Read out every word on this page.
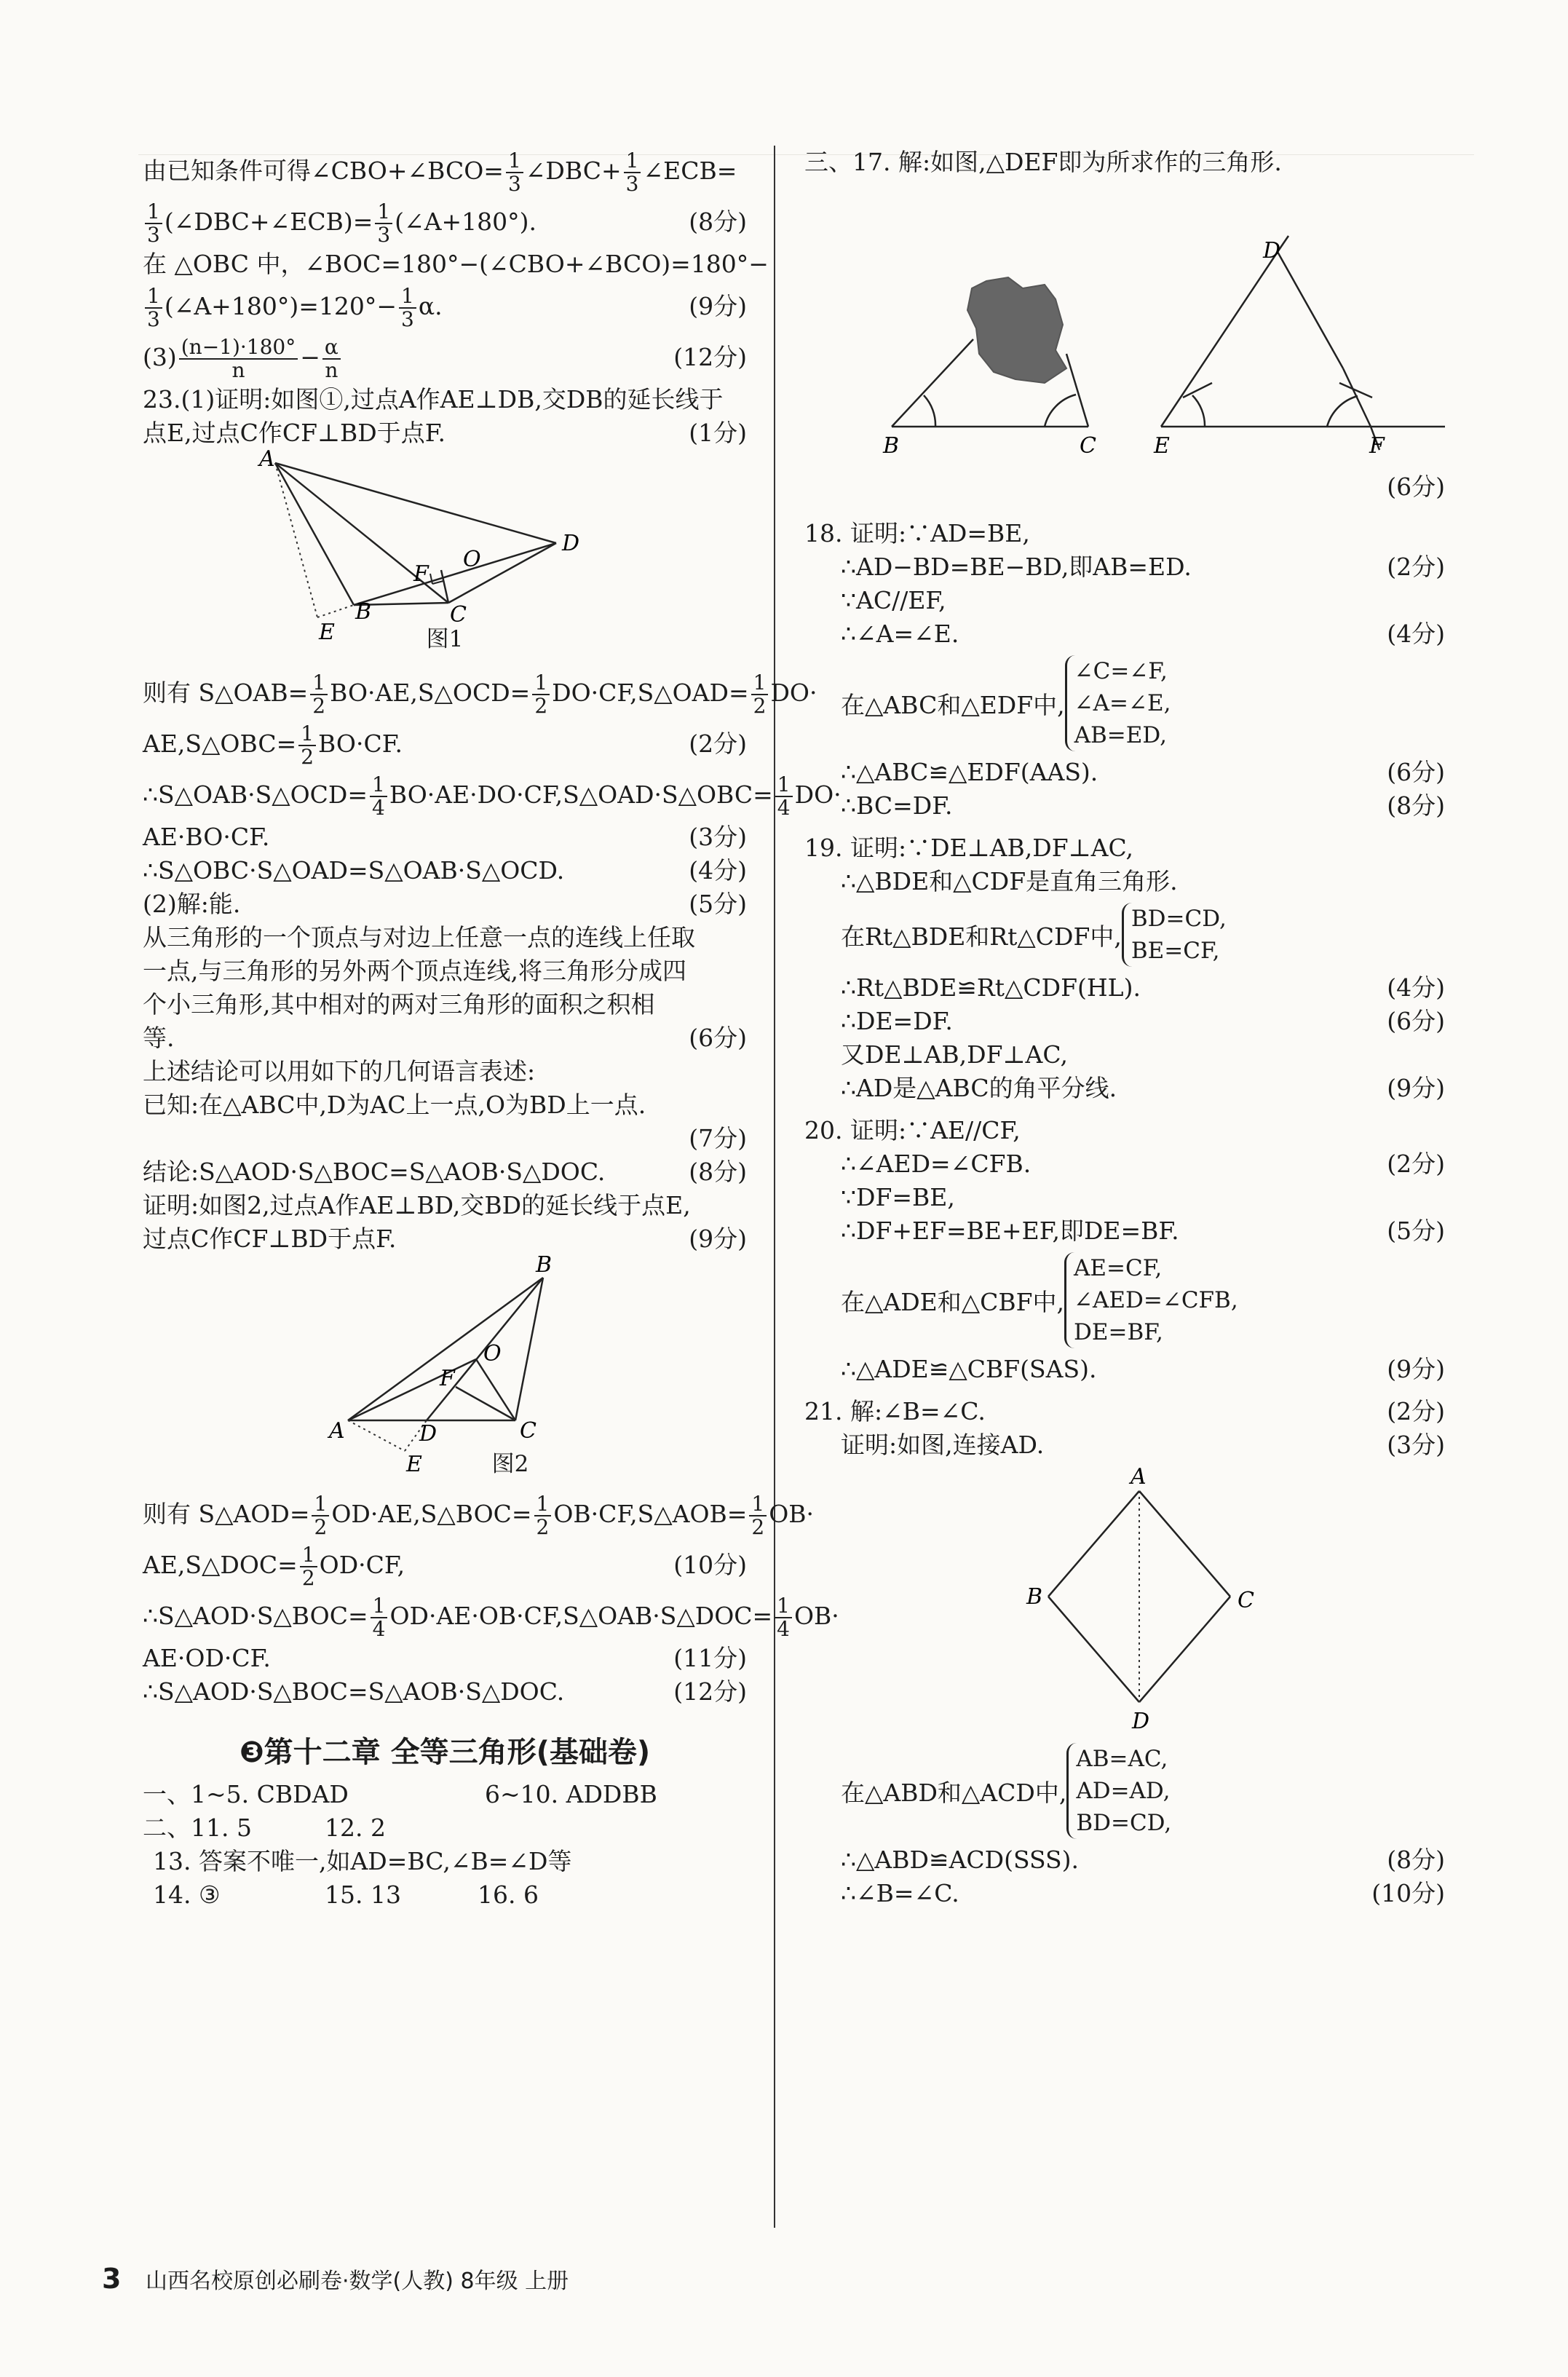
由已知条件可得∠CBO+∠BCO= $\frac{1}{3}$ ∠DBC+ $\frac{1}{3}$ ∠ECB=
$\frac{1}{3}$ (∠DBC+∠ECB)= $\frac{1}{3}$ (∠A+180°).	(8分)
在 △OBC 中，∠BOC=180°−(∠CBO+∠BCO)=180°−
$\frac{1}{3}$ (∠A+180°)=120°− $\frac{1}{3} \alpha$.	(9分)
$(3) \frac{(n-1)\cdot 180^\circ}{n} - \frac{\alpha}{n}$	(12分)
23.(1)证明:如图①,过点A作AE⊥DB,交DB的延长线于
点E,过点C作CF⊥BD于点F.	(1分)
A
O
D
F
B	C
E	图1
则有 S△OAB= $\frac{1}{2}$ BO·AE,S△OCD= $\frac{1}{2}$ DO·CF,S△OAD= $\frac{1}{2} DO\cdot$
AE,S△OBC= $\frac{1}{2} BO\cdot CF$.	(2分)
∴S△OAB·S△OCD= $\frac{1}{4}$ BO·AE·DO·CF,S△OAD·S△OBC= $\frac{1}{4} DO\cdot$
AE·BO·CF.	(3分)
∴S△OBC·S△OAD=S△OAB·S△OCD.	(4分)
(2)解:能.	(5分)
从三角形的一个顶点与对边上任意一点的连线上任取
一点,与三角形的另外两个顶点连线,将三角形分成四
个小三角形,其中相对的两对三角形的面积之积相
等.	(6分)
上述结论可以用如下的几何语言表述:
已知:在△ABC中,D为AC上一点,O为BD上一点.
(7分)
结论:S△AOD·S△BOC=S△AOB·S△DOC.	(8分)
证明:如图2,过点A作AE⊥BD,交BD的延长线于点E,
过点C作CF⊥BD于点F.	(9分)
B
O
F
A	D	C
E	图2
则有 S△AOD= $\frac{1}{2}$ OD·AE,S△BOC= $\frac{1}{2}$ OB·CF,S△AOB= $\frac{1}{2} OB\cdot$
AE,S△DOC= $\frac{1}{2} OD\cdot CF$,	(10分)
∴S△AOD·S△BOC= $\frac{1}{4}$ OD·AE·OB·CF,S△OAB·S△DOC= $\frac{1}{4} OB\cdot$
AE·OD·CF.	(11分)
∴S△AOD·S△BOC=S△AOB·S△DOC.	(12分)
❸第十二章 全等三角形(基础卷)
一、1~5. CBDAD	6~10. ADDBB
二、11. 5	12. 2
13. 答案不唯一,如AD=BC,∠B=∠D等
14. ③	15. 13	16. 6
三、17. 解:如图,△DEF即为所求作的三角形.
B	C	E	F
D
(6分)
18. 证明:∵AD=BE,
∴AD−BD=BE−BD,即AB=ED.	(2分)
∵AC//EF,
∴∠A=∠E.	(4分)
在△ABC和△EDF中,
∠C=∠F,
∠A=∠E,
AB=ED,
∴△ABC≌△EDF(AAS).	(6分)
∴BC=DF.	(8分)
19. 证明:∵DE⊥AB,DF⊥AC,
∴△BDE和△CDF是直角三角形.
在Rt△BDE和Rt△CDF中,
BD=CD,
BE=CF,
∴Rt△BDE≌Rt△CDF(HL).	(4分)
∴DE=DF.	(6分)
又DE⊥AB,DF⊥AC,
∴AD是△ABC的角平分线.	(9分)
20. 证明:∵AE//CF,
∴∠AED=∠CFB.	(2分)
∵DF=BE,
∴DF+EF=BE+EF,即DE=BF.	(5分)
在△ADE和△CBF中,
AE=CF,
∠AED=∠CFB,
DE=BF,
∴△ADE≌△CBF(SAS).	(9分)
21. 解:∠B=∠C.	(2分)
证明:如图,连接AD.	(3分)
A
B	C
D
在△ABD和△ACD中,
AB=AC,
AD=AD,
BD=CD,
∴△ABD≌ACD(SSS).	(8分)
∴∠B=∠C.	(10分)
3 山西名校原创必刷卷·数学(人教) 8年级 上册
